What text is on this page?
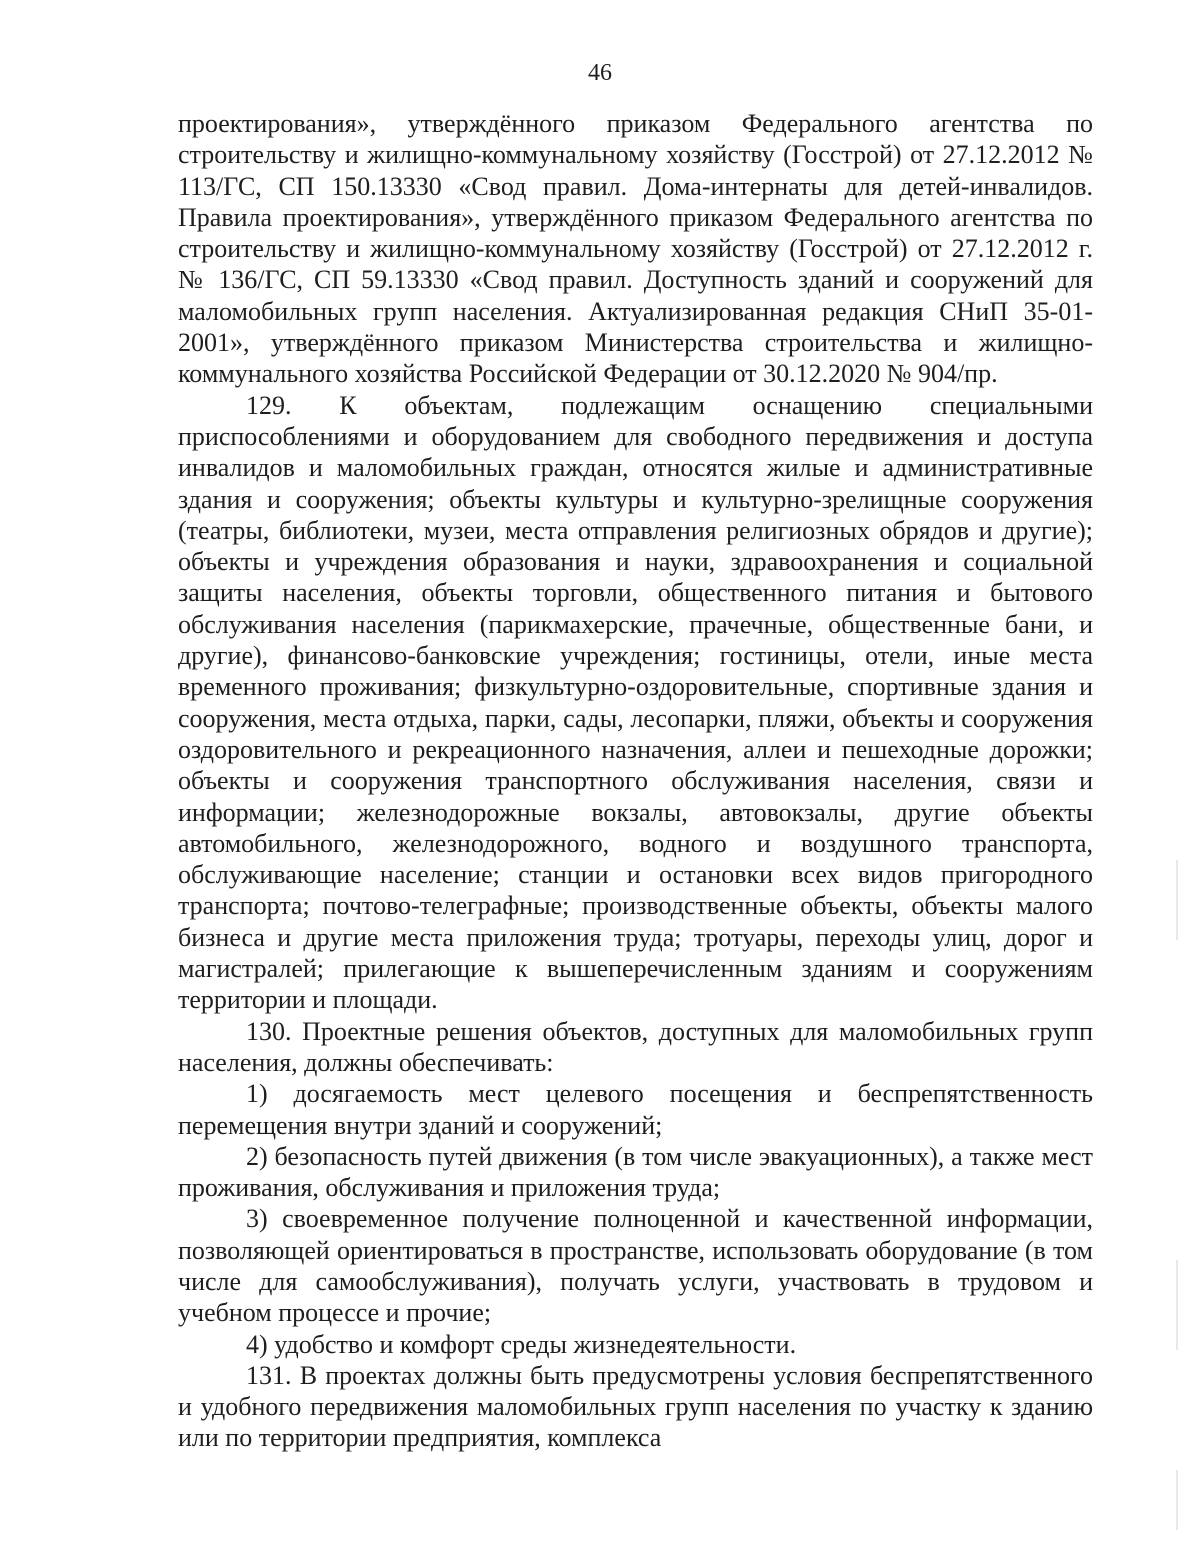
46

проектирования», утверждённого приказом Федерального агентства по строительству и жилищно-коммунальному хозяйству (Госстрой) от 27.12.2012 № 113/ГС, СП 150.13330 «Свод правил. Дома-интернаты для детей-инвалидов. Правила проектирования», утверждённого приказом Федерального агентства по строительству и жилищно-коммунальному хозяйству (Госстрой) от 27.12.2012 г. № 136/ГС, СП 59.13330 «Свод правил. Доступность зданий и сооружений для маломобильных групп населения. Актуализированная редакция СНиП 35-01-2001», утверждённого приказом Министерства строительства и жилищно-коммунального хозяйства Российской Федерации от 30.12.2020 № 904/пр.

129. К объектам, подлежащим оснащению специальными приспособлениями и оборудованием для свободного передвижения и доступа инвалидов и маломобильных граждан, относятся жилые и административные здания и сооружения; объекты культуры и культурно-зрелищные сооружения (театры, библиотеки, музеи, места отправления религиозных обрядов и другие); объекты и учреждения образования и науки, здравоохранения и социальной защиты населения, объекты торговли, общественного питания и бытового обслуживания населения (парикмахерские, прачечные, общественные бани, и другие), финансово-банковские учреждения; гостиницы, отели, иные места временного проживания; физкультурно-оздоровительные, спортивные здания и сооружения, места отдыха, парки, сады, лесопарки, пляжи, объекты и сооружения оздоровительного и рекреационного назначения, аллеи и пешеходные дорожки; объекты и сооружения транспортного обслуживания населения, связи и информации; железнодорожные вокзалы, автовокзалы, другие объекты автомобильного, железнодорожного, водного и воздушного транспорта, обслуживающие население; станции и остановки всех видов пригородного транспорта; почтово-телеграфные; производственные объекты, объекты малого бизнеса и другие места приложения труда; тротуары, переходы улиц, дорог и магистралей; прилегающие к вышеперечисленным зданиям и сооружениям территории и площади.

130. Проектные решения объектов, доступных для маломобильных групп населения, должны обеспечивать:

1) досягаемость мест целевого посещения и беспрепятственность перемещения внутри зданий и сооружений;

2) безопасность путей движения (в том числе эвакуационных), а также мест проживания, обслуживания и приложения труда;

3) своевременное получение полноценной и качественной информации, позволяющей ориентироваться в пространстве, использовать оборудование (в том числе для самообслуживания), получать услуги, участвовать в трудовом и учебном процессе и прочие;

4) удобство и комфорт среды жизнедеятельности.

131. В проектах должны быть предусмотрены условия беспрепятственного и удобного передвижения маломобильных групп населения по участку к зданию или по территории предприятия, комплекса
